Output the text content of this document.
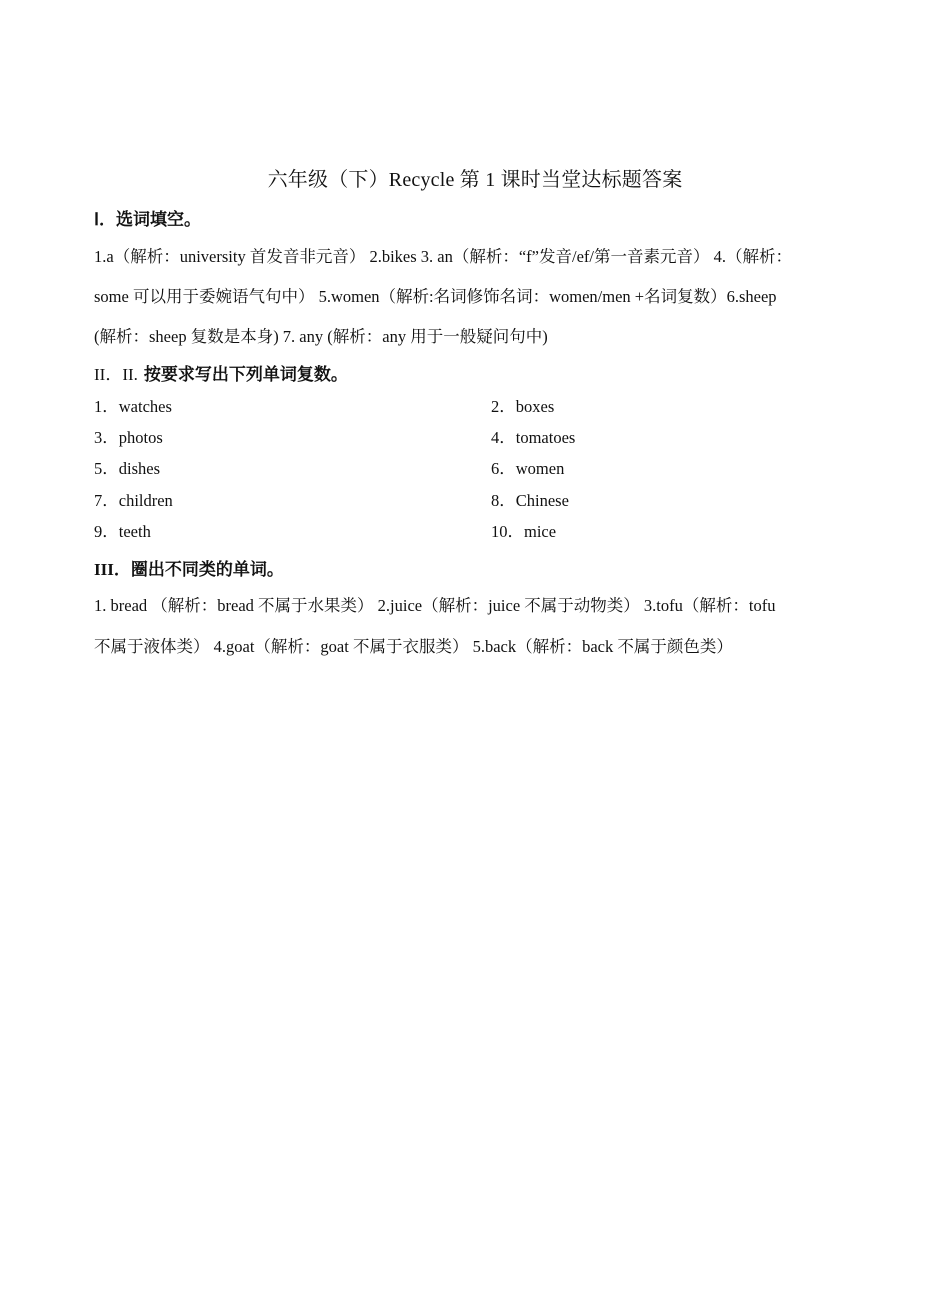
六年级（下）Recycle 第 1 课时当堂达标题答案
Ⅰ．选词填空。
1.a（解析：university 首发音非元音） 2.bikes 3. an（解析：“f”发音/ef/第一音素元音） 4.（解析：
some 可以用于委婉语气句中） 5.women（解析:名词修饰名词：women/men +名词复数）6.sheep
(解析：sheep 复数是本身) 7. any (解析：any 用于一般疑问句中)
II．II. 按要求写出下列单词复数。
1．watches	2．boxes
3．photos	4．tomatoes
5．dishes	6．women
7．children	8．Chinese
9．teeth	10．mice
III．圈出不同类的单词。
1. bread （解析：bread 不属于水果类） 2.juice（解析：juice 不属于动物类） 3.tofu（解析：tofu
不属于液体类） 4.goat（解析：goat 不属于衣服类） 5.back（解析：back 不属于颜色类）
